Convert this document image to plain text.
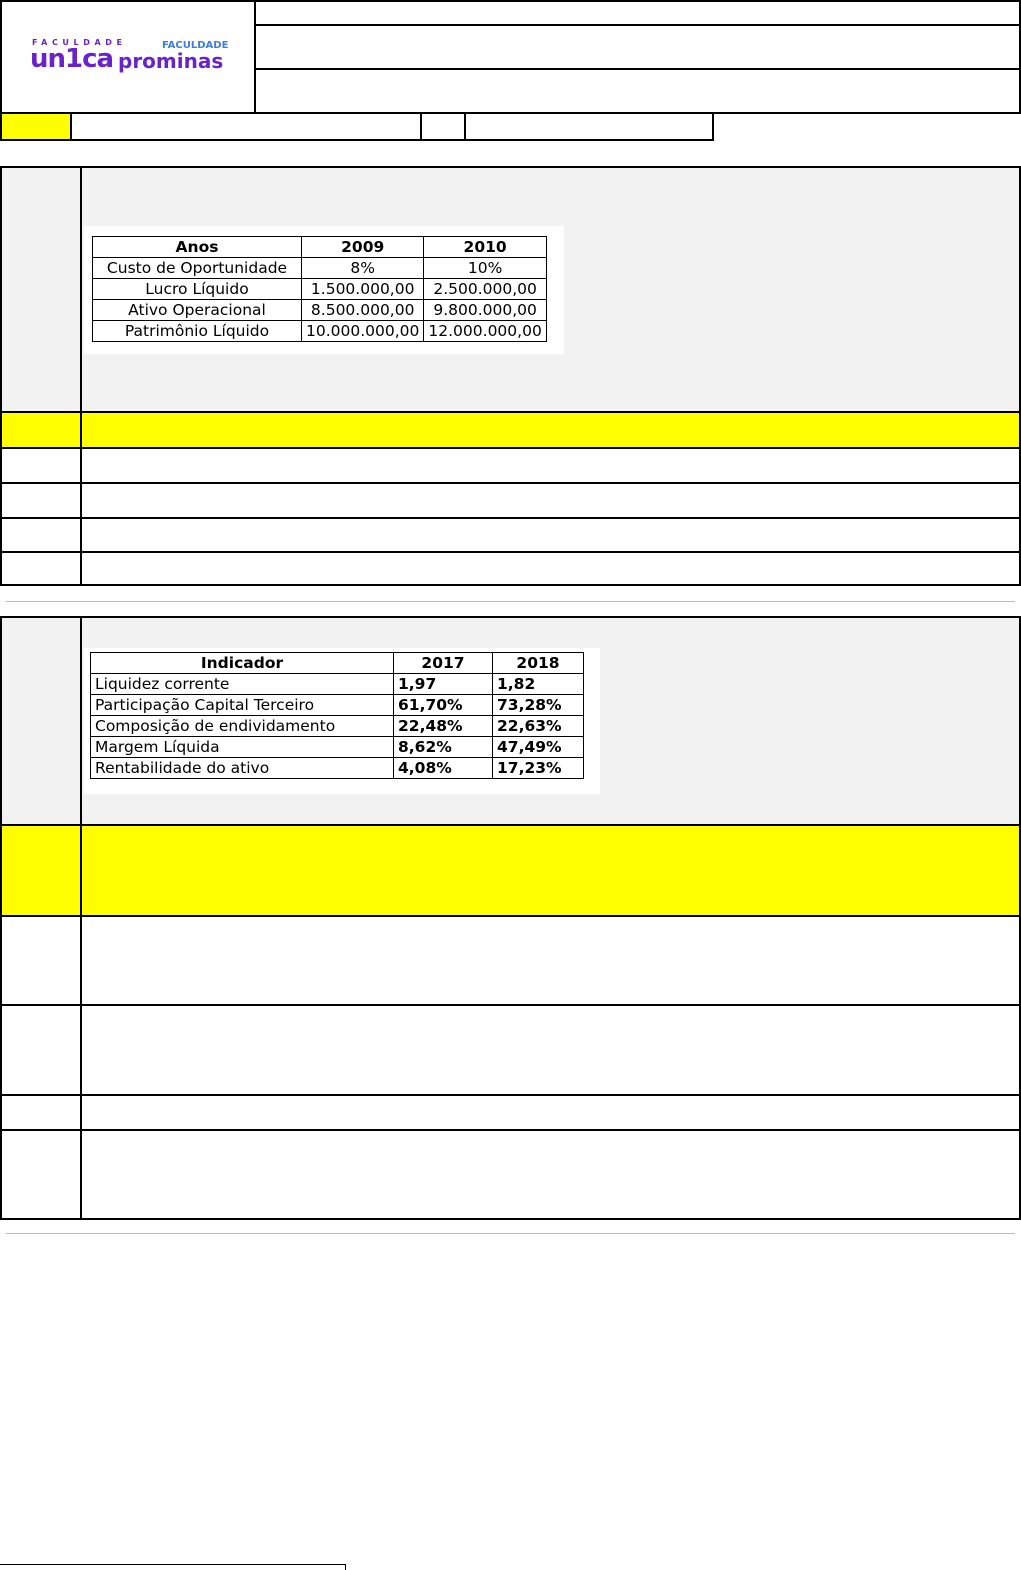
FACULDADE	FACULDADE
un1ca prominas
Anos	2009	2010
Custo de Oportunidade	8%	10%
Lucro Líquido	1.500.000,00	2.500.000,00
Ativo Operacional	8.500.000,00	9.800.000,00
Patrimônio Líquido	10.000.000,00	12.000.000,00
Indicador	2017	2018
Liquidez corrente	1,97	1,82
Participação Capital Terceiro	61,70%	73,28%
Composição de endividamento	22,48%	22,63%
Margem Líquida	8,62%	47,49%
Rentabilidade do ativo	4,08%	17,23%
